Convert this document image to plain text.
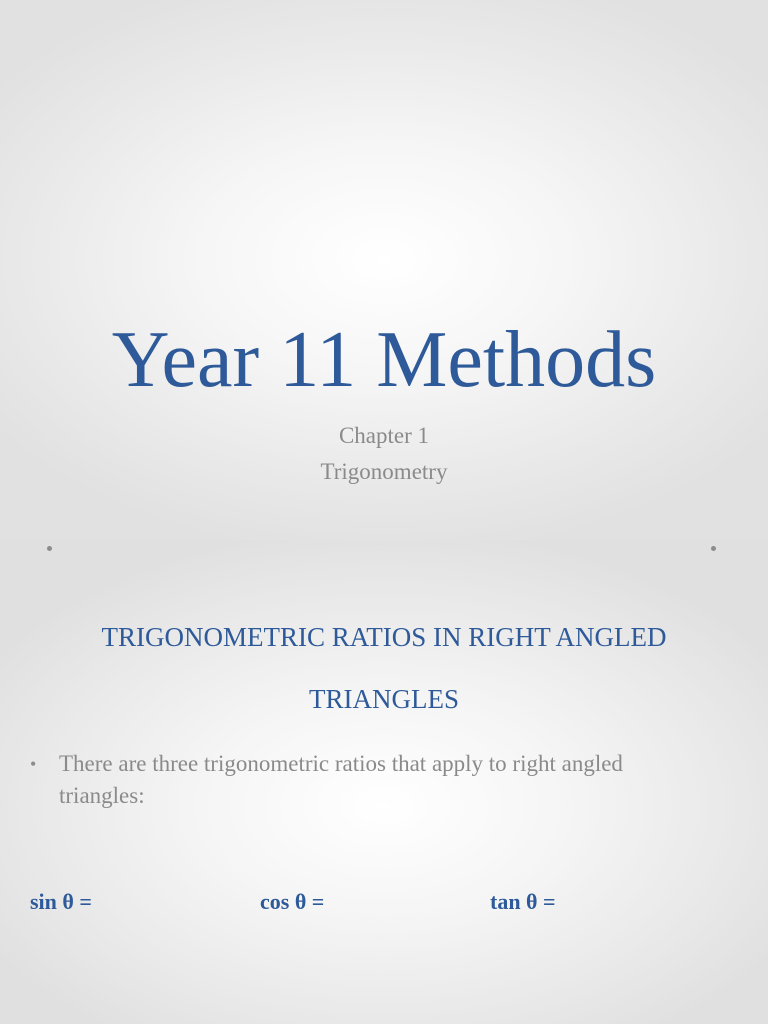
Year 11 Methods
Chapter 1
Trigonometry
TRIGONOMETRIC RATIOS IN RIGHT ANGLED TRIANGLES
• There are three trigonometric ratios that apply to right angled triangles:
sin θ =	cos θ =	tan θ =
